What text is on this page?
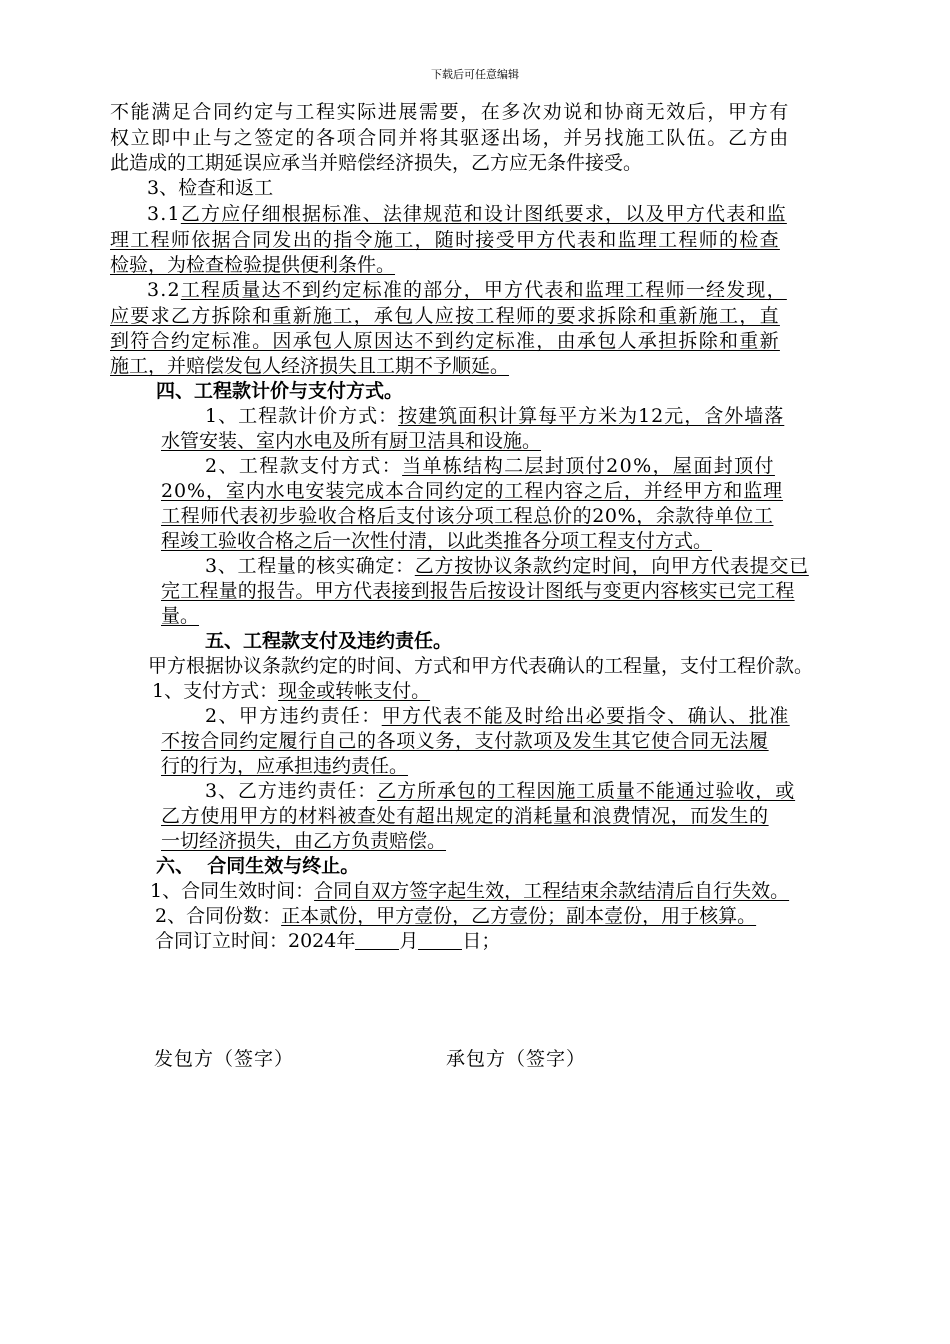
下载后可任意编辑
不能满足合同约定与工程实际进展需要，在多次劝说和协商无效后，甲方有
权立即中止与之签定的各项合同并将其驱逐出场，并另找施工队伍。乙方由
此造成的工期延误应承当并赔偿经济损失，乙方应无条件接受。
3、检查和返工
3.1乙方应仔细根据标准、法律规范和设计图纸要求，以及甲方代表和监
理工程师依据合同发出的指令施工，随时接受甲方代表和监理工程师的检查
检验，为检查检验提供便利条件。
3.2工程质量达不到约定标准的部分，甲方代表和监理工程师一经发现，
应要求乙方拆除和重新施工，承包人应按工程师的要求拆除和重新施工，直
到符合约定标准。因承包人原因达不到约定标准，由承包人承担拆除和重新
施工，并赔偿发包人经济损失且工期不予顺延。
四、工程款计价与支付方式。
1、工程款计价方式：按建筑面积计算每平方米为12元，含外墙落
水管安装、室内水电及所有厨卫洁具和设施。
2、工程款支付方式：当单栋结构二层封顶付20%，屋面封顶付
20%，室内水电安装完成本合同约定的工程内容之后，并经甲方和监理
工程师代表初步验收合格后支付该分项工程总价的20%，余款待单位工
程竣工验收合格之后一次性付清，以此类推各分项工程支付方式。
3、工程量的核实确定：乙方按协议条款约定时间，向甲方代表提交已
完工程量的报告。甲方代表接到报告后按设计图纸与变更内容核实已完工程
量。
五、工程款支付及违约责任。
甲方根据协议条款约定的时间、方式和甲方代表确认的工程量，支付工程价款。
1、支付方式：现金或转帐支付。
2、甲方违约责任：甲方代表不能及时给出必要指令、确认、批准
不按合同约定履行自己的各项义务，支付款项及发生其它使合同无法履
行的行为，应承担违约责任。
3、乙方违约责任：乙方所承包的工程因施工质量不能通过验收，或
乙方使用甲方的材料被查处有超出规定的消耗量和浪费情况，而发生的
一切经济损失，由乙方负责赔偿。
六、  合同生效与终止。
1、合同生效时间：合同自双方签字起生效，工程结束余款结清后自行失效。
2、合同份数：正本贰份，甲方壹份，乙方壹份；副本壹份，用于核算。
合同订立时间：2024年 月 日；
发包方（签字）	承包方（签字）
